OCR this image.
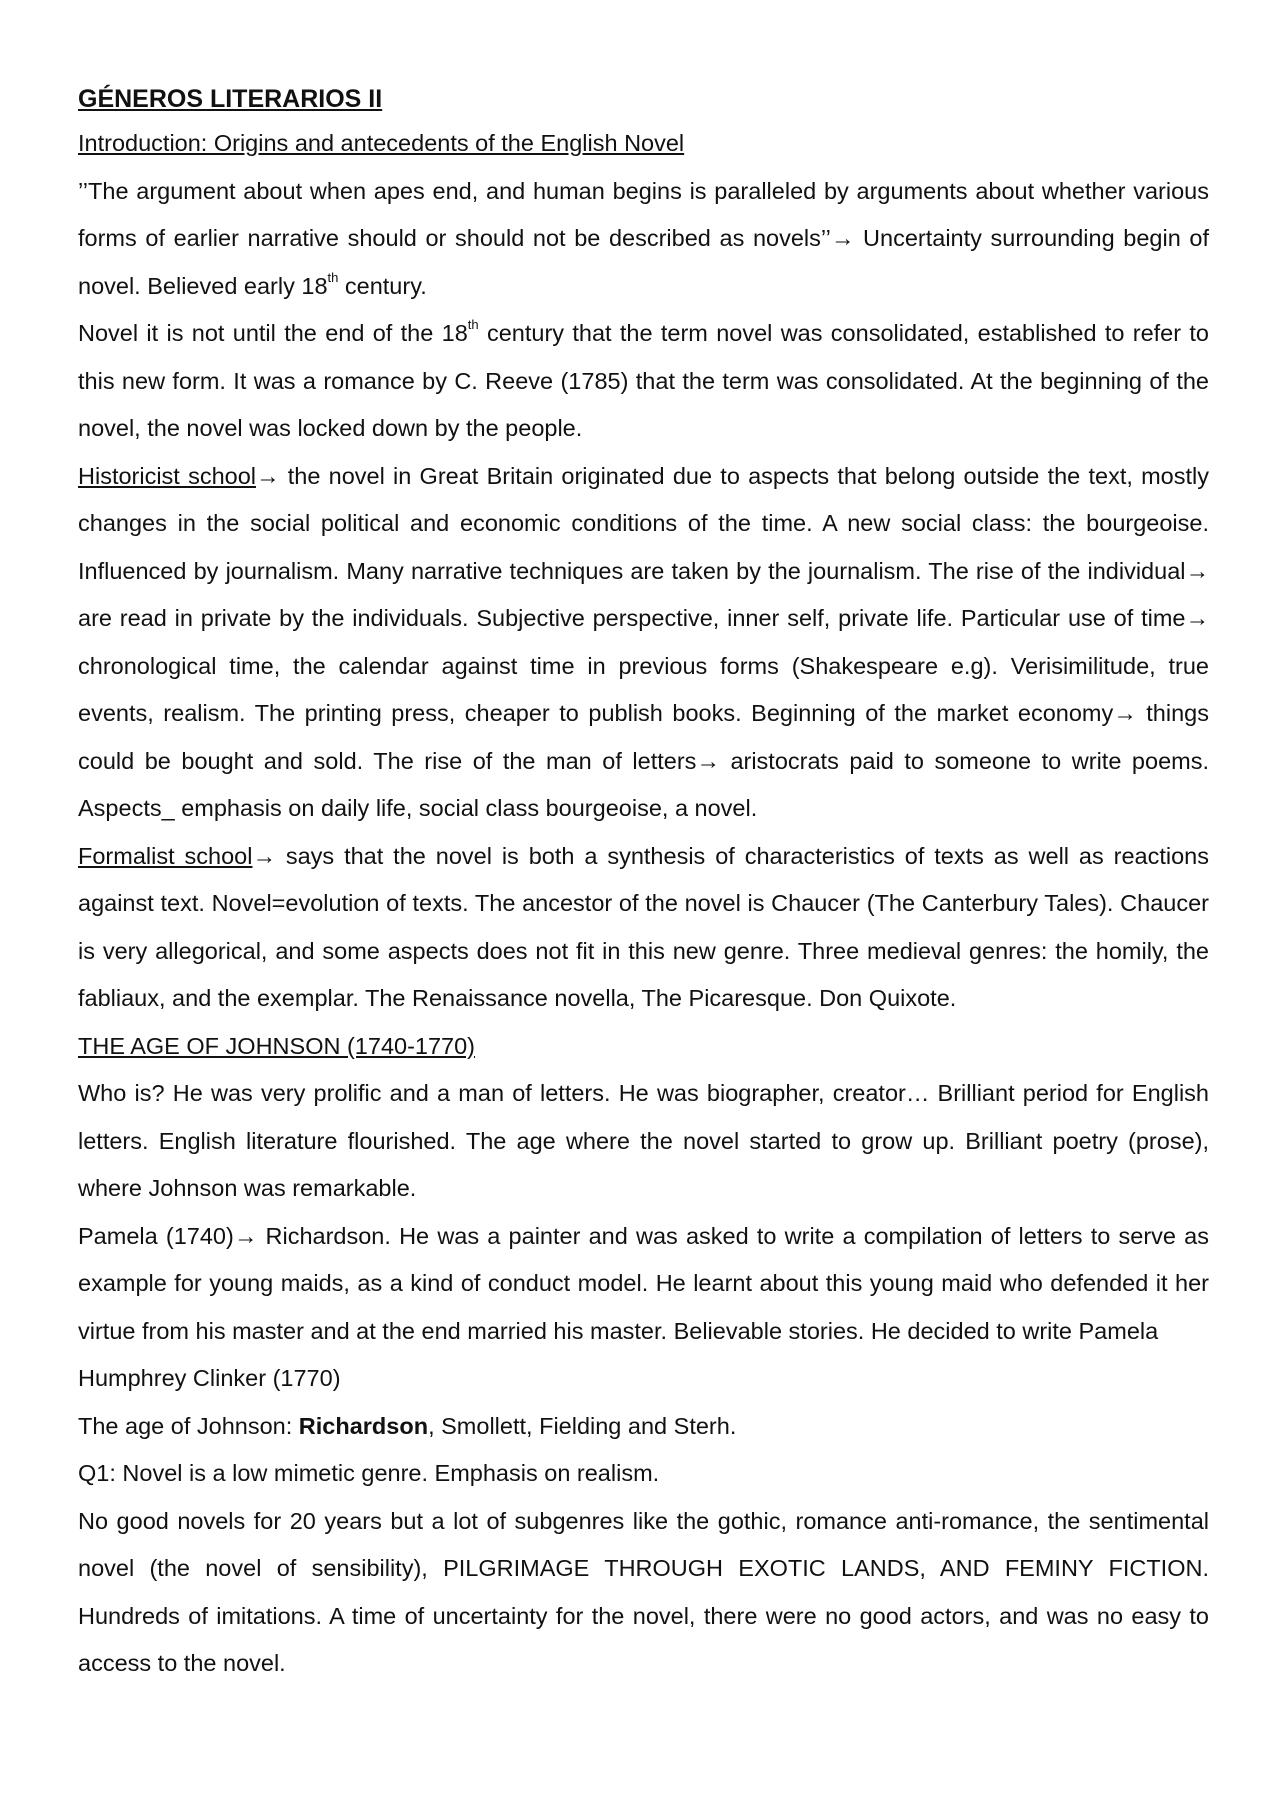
GÉNEROS LITERARIOS II

Introduction: Origins and antecedents of the English Novel

’’The argument about when apes end, and human begins is paralleled by arguments about whether various forms of earlier narrative should or should not be described as novels’’→ Uncertainty surrounding begin of novel. Believed early 18th century.

Novel it is not until the end of the 18th century that the term novel was consolidated, established to refer to this new form. It was a romance by C. Reeve (1785) that the term was consolidated. At the beginning of the novel, the novel was locked down by the people.

Historicist school→ the novel in Great Britain originated due to aspects that belong outside the text, mostly changes in the social political and economic conditions of the time. A new social class: the bourgeoise. Influenced by journalism. Many narrative techniques are taken by the journalism. The rise of the individual→ are read in private by the individuals. Subjective perspective, inner self, private life. Particular use of time→ chronological time, the calendar against time in previous forms (Shakespeare e.g). Verisimilitude, true events, realism. The printing press, cheaper to publish books. Beginning of the market economy→ things could be bought and sold. The rise of the man of letters→ aristocrats paid to someone to write poems. Aspects_ emphasis on daily life, social class bourgeoise, a novel.

Formalist school→ says that the novel is both a synthesis of characteristics of texts as well as reactions against text. Novel=evolution of texts. The ancestor of the novel is Chaucer (The Canterbury Tales). Chaucer is very allegorical, and some aspects does not fit in this new genre. Three medieval genres: the homily, the fabliaux, and the exemplar. The Renaissance novella, The Picaresque. Don Quixote.

THE AGE OF JOHNSON (1740-1770)

Who is? He was very prolific and a man of letters. He was biographer, creator… Brilliant period for English letters. English literature flourished. The age where the novel started to grow up. Brilliant poetry (prose), where Johnson was remarkable.

Pamela (1740)→ Richardson. He was a painter and was asked to write a compilation of letters to serve as example for young maids, as a kind of conduct model. He learnt about this young maid who defended it her virtue from his master and at the end married his master. Believable stories. He decided to write Pamela

Humphrey Clinker (1770)

The age of Johnson: Richardson, Smollett, Fielding and Sterh.

Q1: Novel is a low mimetic genre. Emphasis on realism.

No good novels for 20 years but a lot of subgenres like the gothic, romance anti-romance, the sentimental novel (the novel of sensibility), PILGRIMAGE THROUGH EXOTIC LANDS, AND FEMINY FICTION. Hundreds of imitations. A time of uncertainty for the novel, there were no good actors, and was no easy to access to the novel.
